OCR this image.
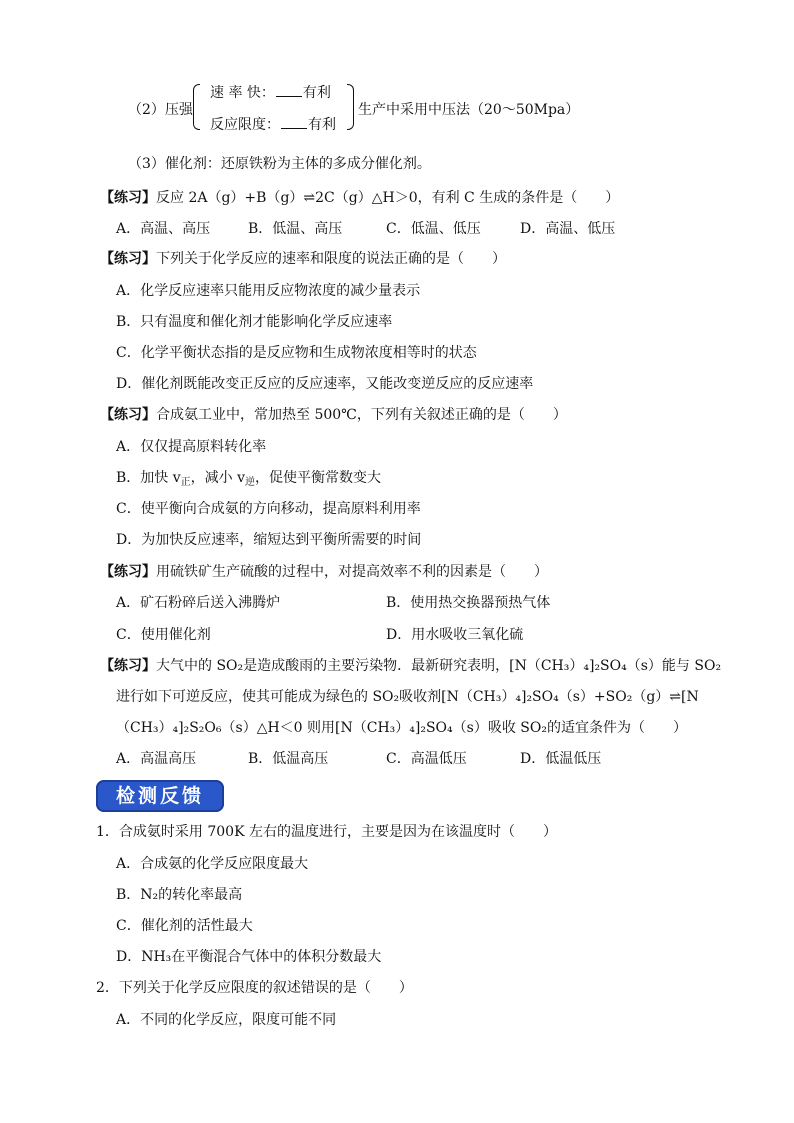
（2）压强
速 率 快： 有利
反应限度： 有利
生产中采用中压法（20～50Mpa）
（3）催化剂：还原铁粉为主体的多成分催化剂。
【练习】反应 2A（g）+B（g）⇌2C（g）△H＞0，有利 C 生成的条件是（　　）
A．高温、高压	B．低温、高压	C．低温、低压	D．高温、低压
【练习】下列关于化学反应的速率和限度的说法正确的是（　　）
A．化学反应速率只能用反应物浓度的减少量表示
B．只有温度和催化剂才能影响化学反应速率
C．化学平衡状态指的是反应物和生成物浓度相等时的状态
D．催化剂既能改变正反应的反应速率，又能改变逆反应的反应速率
【练习】合成氨工业中，常加热至 500℃，下列有关叙述正确的是（　　）
A．仅仅提高原料转化率
B．加快 $v_正$，减小 $v_逆$，促使平衡常数变大
C．使平衡向合成氨的方向移动，提高原料利用率
D．为加快反应速率，缩短达到平衡所需要的时间
【练习】用硫铁矿生产硫酸的过程中，对提高效率不利的因素是（　　）
A．矿石粉碎后送入沸腾炉	B．使用热交换器预热气体
C．使用催化剂	D．用水吸收三氧化硫
【练习】大气中的 SO₂是造成酸雨的主要污染物．最新研究表明，[N（CH₃）₄]₂SO₄（s）能与 SO₂
进行如下可逆反应，使其可能成为绿色的 SO₂吸收剂[N（CH₃）₄]₂SO₄（s）+SO₂（g）⇌[N
（CH₃）₄]₂S₂O₆（s）△H＜0 则用[N（CH₃）₄]₂SO₄（s）吸收 SO₂的适宜条件为（　　）
A．高温高压	B．低温高压	C．高温低压	D．低温低压
检测反馈
1．合成氨时采用 700K 左右的温度进行，主要是因为在该温度时（　　）
A．合成氨的化学反应限度最大
B．N₂的转化率最高
C．催化剂的活性最大
D．NH₃在平衡混合气体中的体积分数最大
2．下列关于化学反应限度的叙述错误的是（　　）
A．不同的化学反应，限度可能不同
